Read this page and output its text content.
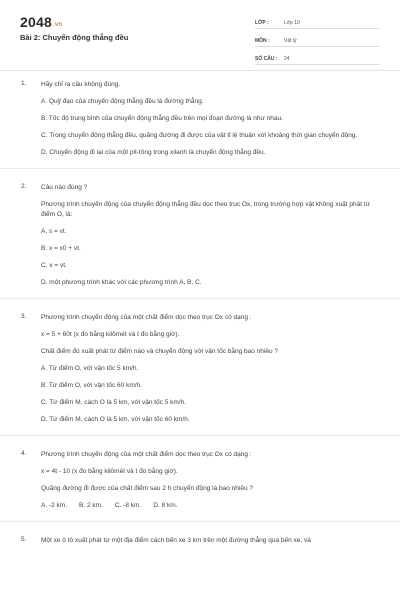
2048.vn
Bài 2: Chuyển động thẳng đều
LỚP :	Lớp 10
MÔN :	Vật lý
SỐ CÂU :	24
1. Hãy chỉ ra câu không đúng.
A. Quỹ đạo của chuyển động thẳng đều là đường thẳng.
B. Tốc độ trung bình của chuyển động thẳng đều trên mọi đoạn đường là như nhau.
C. Trong chuyển động thẳng đều, quãng đường đi được của vật tỉ lệ thuận với khoảng thời gian chuyển động.
D. Chuyển động đi lại của một pit-tông trong xilanh là chuyển động thẳng đều.
2. Câu nào đúng ?
Phương trình chuyển động của chuyển động thẳng đều dọc theo trục Ox, trong trường hợp vật không xuất phát từ điểm O, là:
A. s = vt.
B. x = x0 + vt.
C. x = vt.
D. một phương trình khác với các phương trình A, B, C.
3. Phương trình chuyển động của một chất điểm dọc theo trục Ox có dạng :
x = 5 + 60t (x đo bằng kilômét và t đo bằng giờ).
Chất điểm đó xuất phát từ điểm nào và chuyển động với vận tốc bằng bao nhiêu ?
A. Từ điểm O, với vận tốc 5 km/h.
B. Từ điểm O, với vận tốc 60 km/h.
C. Từ điểm M, cách O là 5 km, với vận tốc 5 km/h.
D. Từ điểm M, cách O là 5 km, với vận tốc 60 km/h.
4. Phương trình chuyển động của một chất điểm dọc theo trục Ox có dạng :
x = 4t - 10 (x đo bằng kilômét và t đo bằng giờ).
Quãng đường đi được của chất điểm sau 2 h chuyển động là bao nhiêu ?
A. -2 km. B. 2 km. C. -8 km. D. 8 km.
5. Một xe ô tô xuất phát từ một địa điểm cách bến xe 3 km trên một đường thẳng qua bến xe, và
